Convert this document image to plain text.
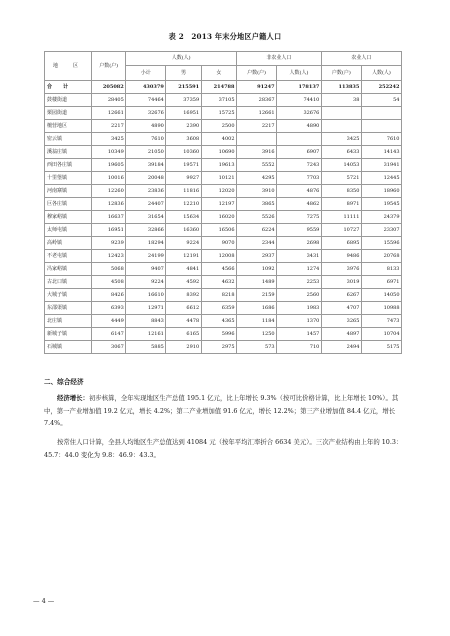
表 2　2013 年末分地区户籍人口
地　区	户数(户)	人数(人)			非农业人口		农业人口	
		小计	男	女	户数(户)	人数(人)	户数(户)	人数(人)
合　计	205082	430379	215591	214788	91247	178137	113835	252242
鼓楼街道	28405	74464	37359	37105	28367	74410	38	54
栗园街道	12661	32676	16951	15725	12661	32676		
檀营地区	2217	4890	2390	2500	2217	4890		
密云镇	3425	7610	3608	4002			3425	7610
溪翁庄镇	10349	21050	10360	10690	3916	6907	6433	14143
西田各庄镇	19605	39184	19571	19613	5552	7243	14053	31941
十里堡镇	10016	20048	9927	10121	4295	7703	5721	12445
河南寨镇	12260	23836	11816	12020	3910	4876	8350	18960
巨各庄镇	12836	24407	12210	12197	3865	4862	8971	19545
穆家峪镇	16637	31654	15634	16020	5526	7275	11111	24379
太师屯镇	16951	32866	16360	16506	6224	9559	10727	23307
高岭镇	9239	18294	9224	9070	2344	2698	6895	15596
不老屯镇	12423	24199	12191	12008	2937	3431	9486	20768
冯家峪镇	5068	9407	4841	4566	1092	1274	3976	8133
古北口镇	4508	9224	4592	4632	1489	2253	3019	6971
大城子镇	8426	16610	8392	8218	2159	2560	6267	14050
东邵渠镇	6393	12971	6612	6359	1686	1983	4707	10988
北庄镇	4449	8843	4478	4365	1184	1370	3265	7473
新城子镇	6147	12161	6165	5996	1250	1457	4897	10704
石城镇	3067	5885	2910	2975	573	710	2494	5175
二、综合经济

经济增长：初步核算，全年实现地区生产总值 195.1 亿元，比上年增长 9.3%（按可比价格计算，比上年增长 10%）。其中，第一产业增加值 19.2 亿元，增长 4.2%；第二产业增加值 91.6 亿元，增长 12.2%；第三产业增加值 84.4 亿元，增长 7.4%。

按常住人口计算，全县人均地区生产总值达到 41084 元（按年平均汇率折合 6634 美元）。三次产业结构由上年的 10.3：45.7：44.0 变化为 9.8：46.9：43.3。

— 4 —
